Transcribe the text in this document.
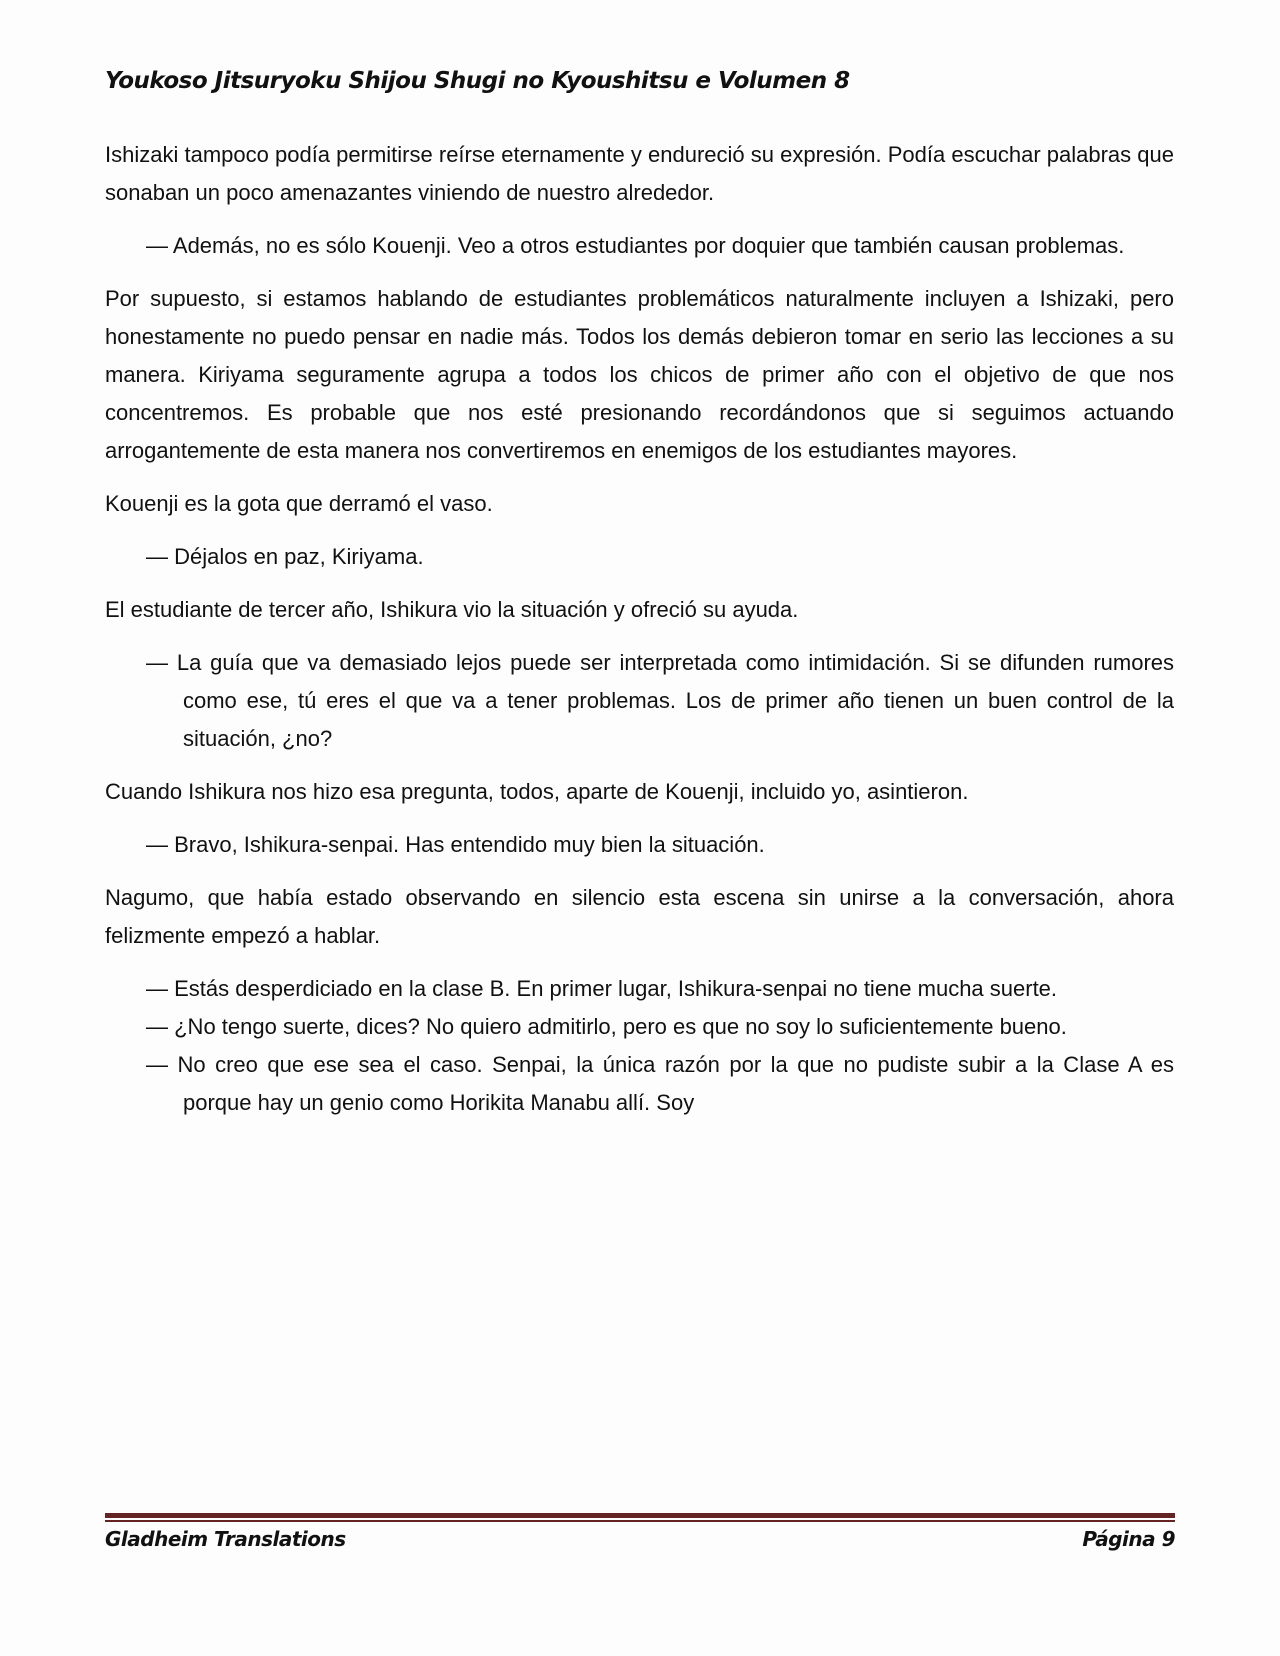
Youkoso Jitsuryoku Shijou Shugi no Kyoushitsu e Volumen 8

Ishizaki tampoco podía permitirse reírse eternamente y endureció su expresión. Podía escuchar palabras que sonaban un poco amenazantes viniendo de nuestro alrededor.

— Además, no es sólo Kouenji. Veo a otros estudiantes por doquier que también causan problemas.

Por supuesto, si estamos hablando de estudiantes problemáticos naturalmente incluyen a Ishizaki, pero honestamente no puedo pensar en nadie más. Todos los demás debieron tomar en serio las lecciones a su manera. Kiriyama seguramente agrupa a todos los chicos de primer año con el objetivo de que nos concentremos. Es probable que nos esté presionando recordándonos que si seguimos actuando arrogantemente de esta manera nos convertiremos en enemigos de los estudiantes mayores.

Kouenji es la gota que derramó el vaso.

— Déjalos en paz, Kiriyama.

El estudiante de tercer año, Ishikura vio la situación y ofreció su ayuda.

— La guía que va demasiado lejos puede ser interpretada como intimidación. Si se difunden rumores como ese, tú eres el que va a tener problemas. Los de primer año tienen un buen control de la situación, ¿no?

Cuando Ishikura nos hizo esa pregunta, todos, aparte de Kouenji, incluido yo, asintieron.

— Bravo, Ishikura-senpai. Has entendido muy bien la situación.

Nagumo, que había estado observando en silencio esta escena sin unirse a la conversación, ahora felizmente empezó a hablar.

— Estás desperdiciado en la clase B. En primer lugar, Ishikura-senpai no tiene mucha suerte.

— ¿No tengo suerte, dices? No quiero admitirlo, pero es que no soy lo suficientemente bueno.

— No creo que ese sea el caso. Senpai, la única razón por la que no pudiste subir a la Clase A es porque hay un genio como Horikita Manabu allí. Soy

Gladheim Translations	Página 9
